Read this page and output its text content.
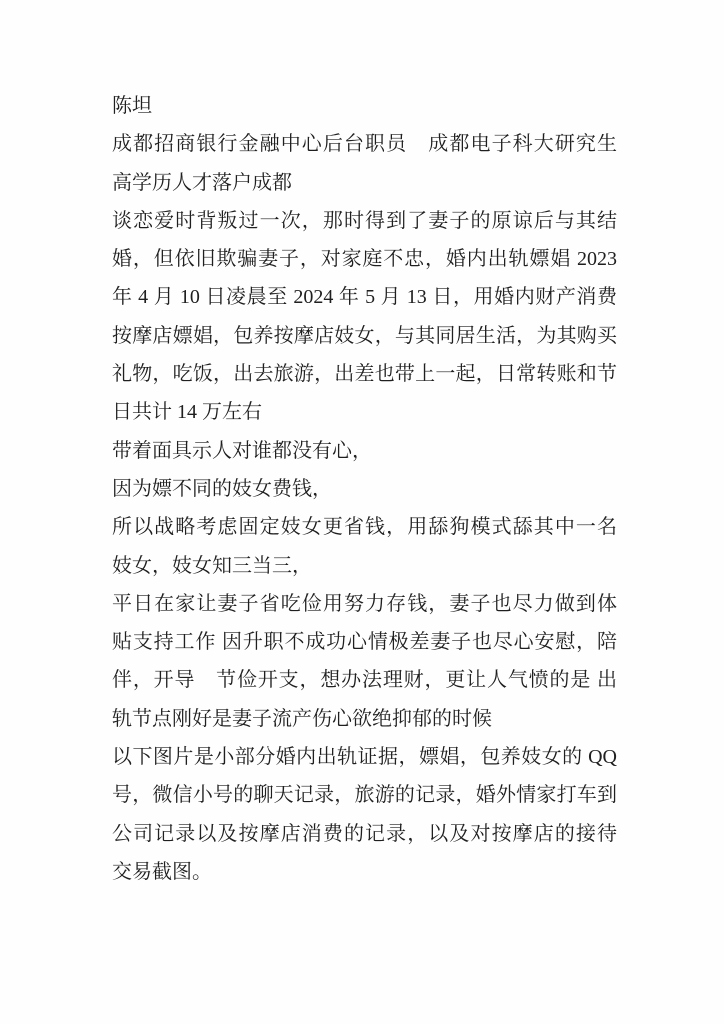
陈坦
成都招商银行金融中心后台职员　成都电子科大研究生
高学历人才落户成都
谈恋爱时背叛过一次，那时得到了妻子的原谅后与其结
婚，但依旧欺骗妻子，对家庭不忠，婚内出轨嫖娼 2023
年 4 月 10 日凌晨至 2024 年 5 月 13 日，用婚内财产消费
按摩店嫖娼，包养按摩店妓女，与其同居生活，为其购买
礼物，吃饭，出去旅游，出差也带上一起，日常转账和节
日共计 14 万左右
带着面具示人对谁都没有心，
因为嫖不同的妓女费钱，
所以战略考虑固定妓女更省钱，用舔狗模式舔其中一名
妓女，妓女知三当三，
平日在家让妻子省吃俭用努力存钱，妻子也尽力做到体
贴支持工作 因升职不成功心情极差妻子也尽心安慰，陪
伴，开导　节俭开支，想办法理财，更让人气愤的是 出
轨节点刚好是妻子流产伤心欲绝抑郁的时候
以下图片是小部分婚内出轨证据，嫖娼，包养妓女的 QQ
号，微信小号的聊天记录，旅游的记录，婚外情家打车到
公司记录以及按摩店消费的记录，以及对按摩店的接待
交易截图。
